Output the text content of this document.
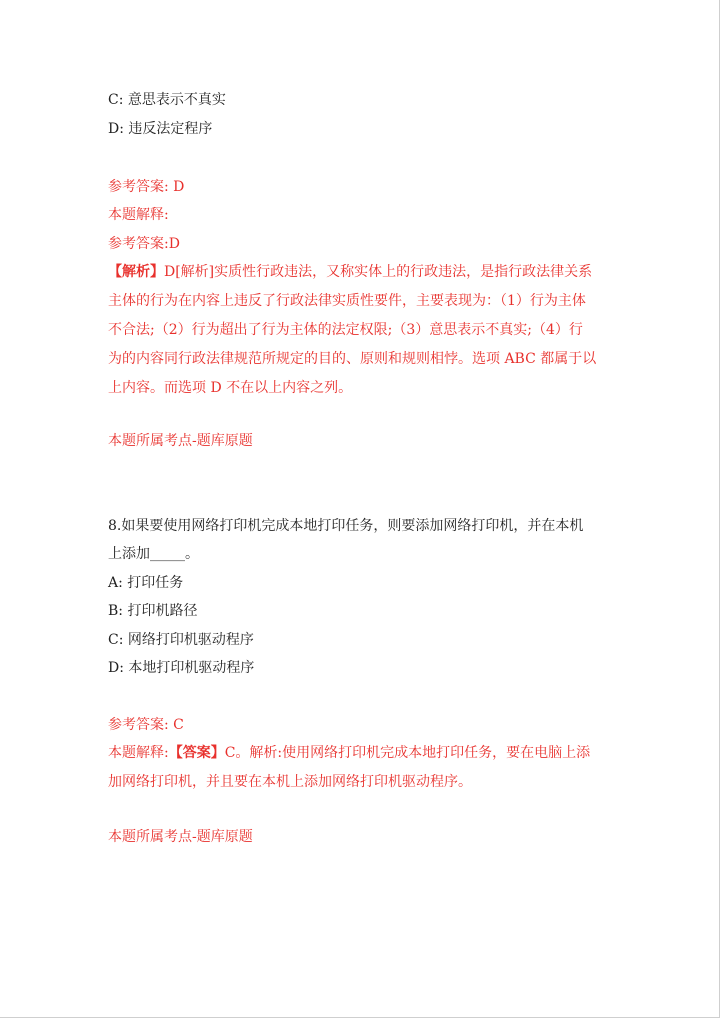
C: 意思表示不真实
D: 违反法定程序
参考答案: D
本题解释:
参考答案:D
【解析】D[解析]实质性行政违法，又称实体上的行政违法，是指行政法律关系
主体的行为在内容上违反了行政法律实质性要件，主要表现为：（1）行为主体
不合法;（2）行为超出了行为主体的法定权限;（3）意思表示不真实;（4）行
为的内容同行政法律规范所规定的目的、原则和规则相悖。选项 ABC 都属于以
上内容。而选项 D 不在以上内容之列。
本题所属考点-题库原题
8.如果要使用网络打印机完成本地打印任务，则要添加网络打印机，并在本机
上添加_____。
A: 打印任务
B: 打印机路径
C: 网络打印机驱动程序
D: 本地打印机驱动程序
参考答案: C
本题解释:【答案】C。解析:使用网络打印机完成本地打印任务，要在电脑上添
加网络打印机，并且要在本机上添加网络打印机驱动程序。
本题所属考点-题库原题
